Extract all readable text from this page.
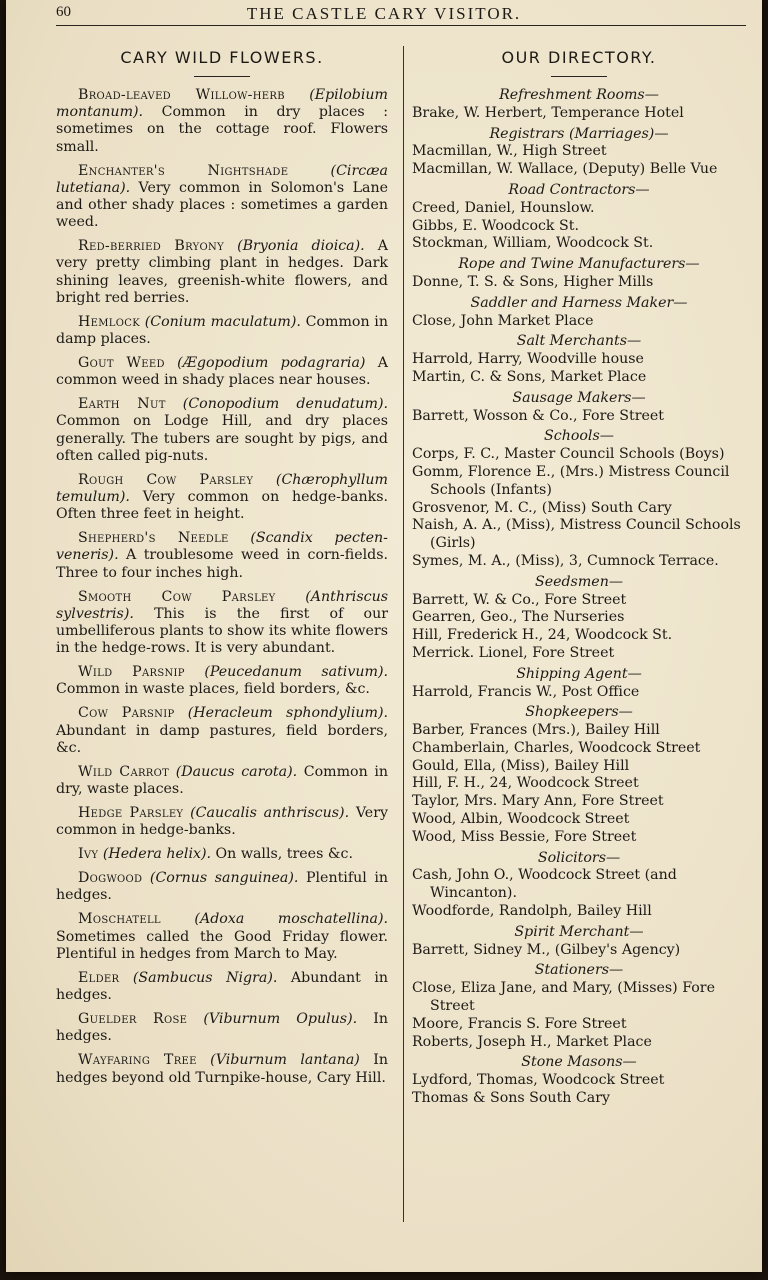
60	THE CASTLE CARY VISITOR.
CARY WILD FLOWERS.

Broad-leaved Willow-herb (Epilobium montanum). Common in dry places : sometimes on the cottage roof. Flowers small.

Enchanter's Nightshade	(Circæa lutetiana). Very common in Solomon's Lane and other shady places : sometimes a garden weed.

Red-berried Bryony (Bryonia dioica). A very pretty climbing plant in hedges. Dark shining leaves, greenish-white flowers, and bright red berries.

Hemlock (Conium maculatum). Common in damp places.

Gout Weed (Ægopodium podagraria) A common weed in shady places near houses.

Earth Nut (Conopodium denudatum). Common on Lodge Hill, and dry places generally. The tubers are sought by pigs, and often called pig-nuts.

Rough Cow Parsley (Chærophyllum temulum). Very common on hedge-banks. Often three feet in height.

Shepherd's Needle (Scandix pecten-veneris). A troublesome weed in corn-fields. Three to four inches high.

Smooth Cow Parsley (Anthriscus sylvestris). This is the first of our umbelliferous plants to show its white flowers in the hedge-rows. It is very abundant.

Wild Parsnip (Peucedanum sativum). Common in waste places, field borders, &c.

Cow Parsnip (Heracleum sphondylium). Abundant in damp pastures, field borders, &c.

Wild Carrot (Daucus carota). Common in dry, waste places.

Hedge Parsley (Caucalis anthriscus). Very common in hedge-banks.

Ivy (Hedera helix). On walls, trees &c.

Dogwood (Cornus sanguinea). Plentiful in hedges.

Moschatell (Adoxa moschatellina). Sometimes called the Good Friday flower. Plentiful in hedges from March to May.

Elder (Sambucus Nigra). Abundant in hedges.

Guelder Rose (Viburnum Opulus). In hedges.

Wayfaring Tree (Viburnum lantana) In hedges beyond old Turnpike-house, Cary Hill.

OUR DIRECTORY.
Refreshment Rooms—
Brake, W. Herbert, Temperance Hotel
Registrars (Marriages)—
Macmillan, W., High Street
Macmillan, W. Wallace, (Deputy) Belle Vue
Road Contractors—
Creed, Daniel, Hounslow.
Gibbs, E. Woodcock St.
Stockman, William, Woodcock St.
Rope and Twine Manufacturers—
Donne, T. S. & Sons, Higher Mills
Saddler and Harness Maker—
Close, John Market Place
Salt Merchants—
Harrold, Harry, Woodville house
Martin, C. & Sons, Market Place
Sausage Makers—
Barrett, Wosson & Co., Fore Street
Schools—
Corps, F. C., Master Council Schools (Boys)
Gomm, Florence E., (Mrs.) Mistress Council Schools (Infants)
Grosvenor, M. C., (Miss) South Cary
Naish, A. A., (Miss), Mistress Council Schools (Girls)
Symes, M. A., (Miss), 3, Cumnock Terrace.
Seedsmen—
Barrett, W. & Co., Fore Street
Gearren, Geo., The Nurseries
Hill, Frederick H., 24, Woodcock St.
Merrick. Lionel, Fore Street
Shipping Agent—
Harrold, Francis W., Post Office
Shopkeepers—
Barber, Frances (Mrs.), Bailey Hill
Chamberlain, Charles, Woodcock Street
Gould, Ella, (Miss), Bailey Hill
Hill, F. H., 24, Woodcock Street
Taylor, Mrs. Mary Ann, Fore Street
Wood, Albin, Woodcock Street
Wood, Miss Bessie, Fore Street
Solicitors—
Cash, John O., Woodcock Street (and Wincanton).
Woodforde, Randolph, Bailey Hill
Spirit Merchant—
Barrett, Sidney M., (Gilbey's Agency)
Stationers—
Close, Eliza Jane, and Mary, (Misses) Fore Street
Moore, Francis S. Fore Street
Roberts, Joseph H., Market Place
Stone Masons—
Lydford, Thomas, Woodcock Street
Thomas & Sons South Cary
